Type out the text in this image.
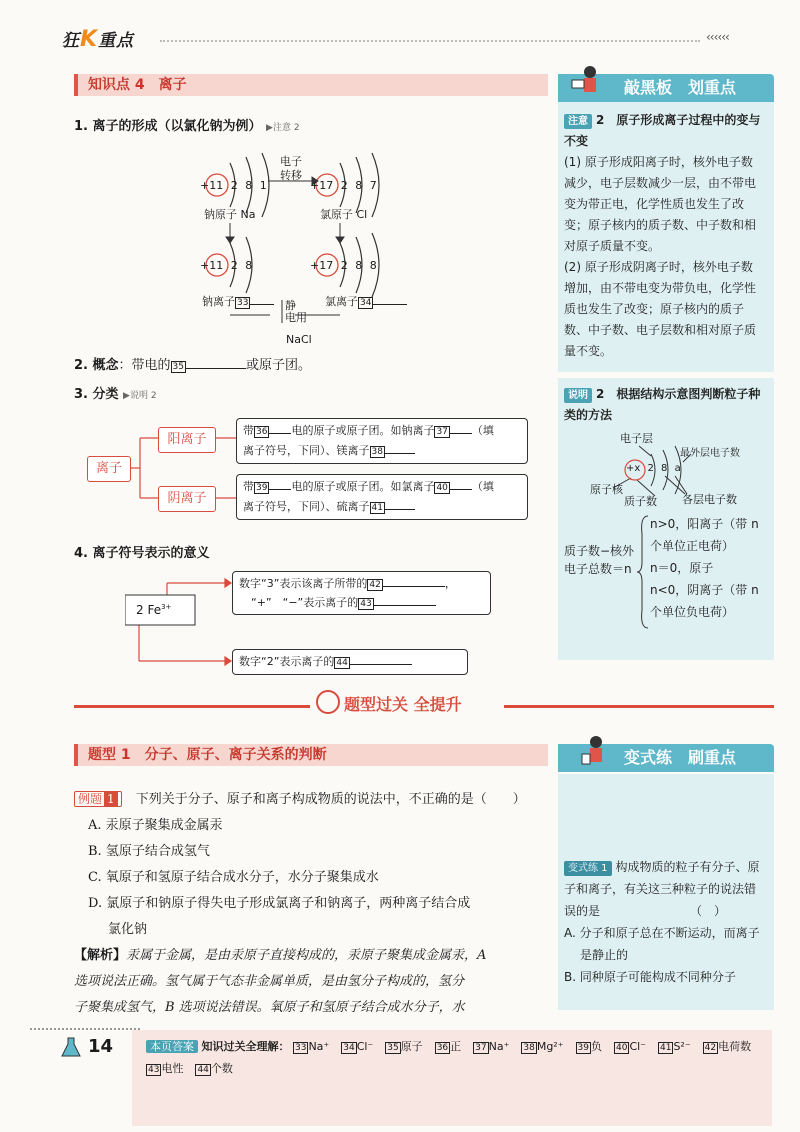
狂K重点	‹‹‹‹‹‹
知识点 4　离子
1. 离子的形成（以氯化钠为例） ▶注意 2
+11 2 8 1	+17 2 8 7
电子
转移
钠原子 Na	氯原子 Cl
+11 2 8	+17 2 8 8
钠离子 33	氯离子 34
静
电用
NaCl
2. 概念：带电的 35	或原子团。
3. 分类 ▶说明 2
离子
阳离子
阴离子
带 36 电的原子或原子团。如钠离子 37 （填
离子符号，下同）、镁离子 38
带 39 电的原子或原子团。如氯离子 40 （填
离子符号，下同）、硫离子 41
4. 离子符号表示的意义
2 $Fe^{3+}$
数字“3”表示该离子所带的 42	，
“+”　“−”表示离子的 43
数字“2”表示离子的 44
敲黑板　划重点
注意 2　原子形成离子过程中的变与不变
(1) 原子形成阳离子时，核外电子数减少，电子层数减少一层，由不带电变为带正电，化学性质也发生了改变；原子核内的质子数、中子数和相对原子质量不变。
(2) 原子形成阴离子时，核外电子数增加，由不带电变为带负电，化学性质也发生了改变；原子核内的质子数、中子数、电子层数和相对原子质量不变。
说明 2　根据结构示意图判断粒子种类的方法
电子层
最外层电子数
+x 2 8 a
原子核
质子数 各层电子数
质子数−核外
电子总数＝n
n>0，阳离子（带 n
个单位正电荷）
n＝0，原子
n<0，阴离子（带 n
个单位负电荷）
题型过关 全提升
题型 1　分子、原子、离子关系的判断
例题 1 下列关于分子、原子和离子构成物质的说法中，不正确的是（　　）
A. 汞原子聚集成金属汞
B. 氢原子结合成氢气
C. 氧原子和氢原子结合成水分子，水分子聚集成水
D. 氯原子和钠原子得失电子形成氯离子和钠离子，两种离子结合成
氯化钠
【解析】汞属于金属，是由汞原子直接构成的，汞原子聚集成金属汞，A
选项说法正确。氢气属于气态非金属单质，是由氢分子构成的，氢分
子聚集成氢气，B 选项说法错误。氧原子和氢原子结合成水分子，水
变式练　刷重点
变式练 1 构成物质的粒子有分子、原
子和离子，有关这三种粒子的说法错
误的是　　　　　　　　（　）
A. 分子和原子总在不断运动，而离子
是静止的
B. 同种原子可能构成不同种分子
14	本页答案 知识过关全理解： 33 Na⁺ 34 Cl⁻ 35 原子 36 正 37 Na⁺ 38 Mg²⁺ 39 负 40 Cl⁻ 41 S²⁻ 42 电荷数
43 电性 44 个数
